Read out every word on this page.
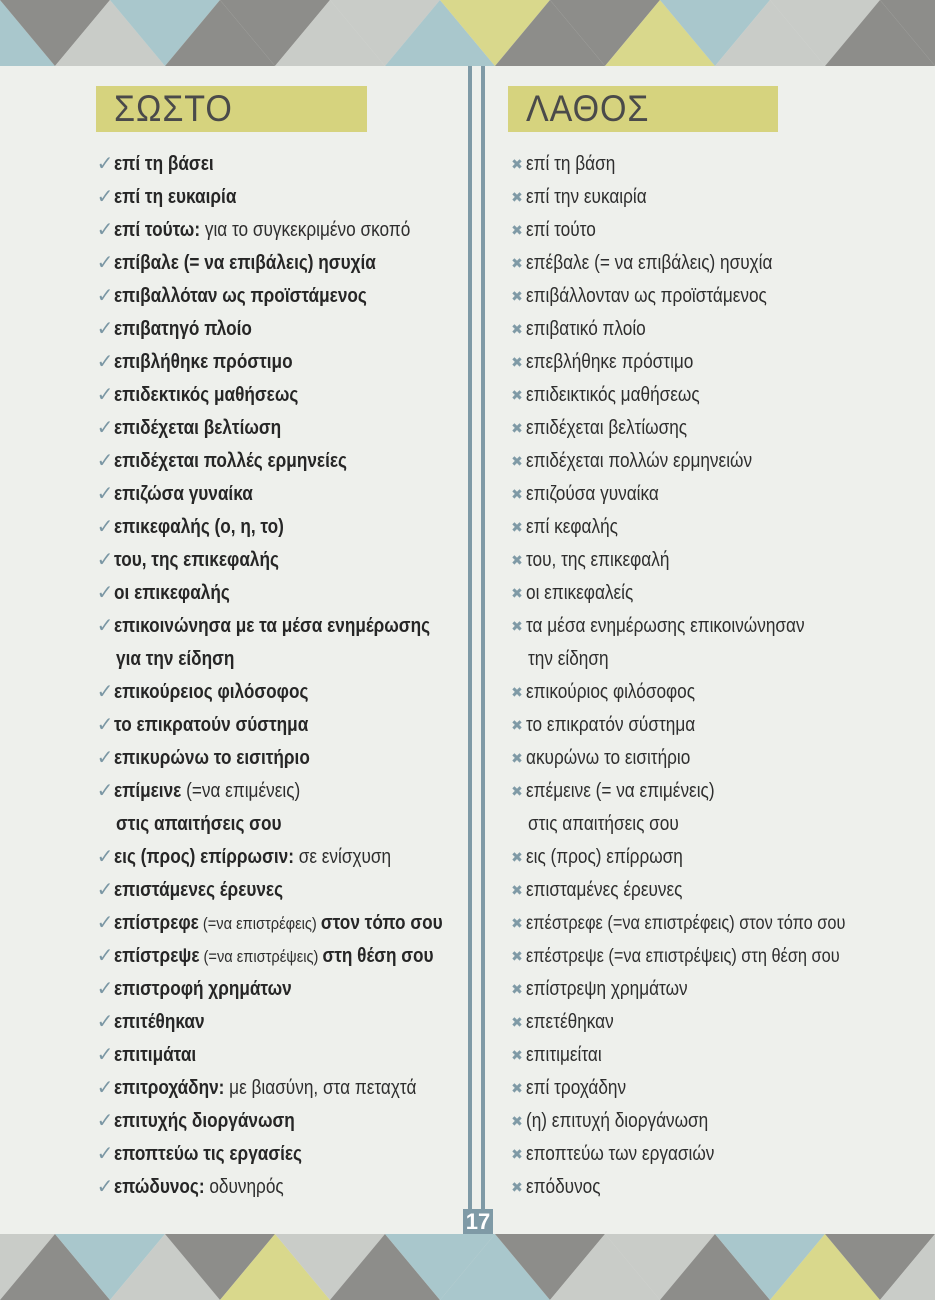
ΣΩΣΤΟ	ΛΑΘΟΣ
✓επί τη βάσει
✓επί τη ευκαιρία
✓επί τούτω: για το συγκεκριμένο σκοπό
✓επίβαλε (= να επιβάλεις) ησυχία
✓επιβαλλόταν ως προϊστάμενος
✓επιβατηγό πλοίο
✓επιβλήθηκε πρόστιμο
✓επιδεκτικός μαθήσεως
✓επιδέχεται βελτίωση
✓επιδέχεται πολλές ερμηνείες
✓επιζώσα γυναίκα
✓επικεφαλής (ο, η, το)
✓του, της επικεφαλής
✓οι επικεφαλής
✓επικοινώνησα με τα μέσα ενημέρωσης
για την είδηση
✓επικούρειος φιλόσοφος
✓το επικρατούν σύστημα
✓επικυρώνω το εισιτήριο
✓επίμεινε (=να επιμένεις)
στις απαιτήσεις σου
✓εις (προς) επίρρωσιν: σε ενίσχυση
✓επιστάμενες έρευνες
✓επίστρεφε (=να επιστρέφεις) στον τόπο σου
✓επίστρεψε (=να επιστρέψεις) στη θέση σου
✓επιστροφή χρημάτων
✓επιτέθηκαν
✓επιτιμάται
✓επιτροχάδην: με βιασύνη, στα πεταχτά
✓επιτυχής διοργάνωση
✓εποπτεύω τις εργασίες
✓επώδυνος: οδυνηρός
✖ επί τη βάση
✖ επί την ευκαιρία
✖ επί τούτο
✖ επέβαλε (= να επιβάλεις) ησυχία
✖ επιβάλλονταν ως προϊστάμενος
✖ επιβατικό πλοίο
✖ επεβλήθηκε πρόστιμο
✖ επιδεικτικός μαθήσεως
✖ επιδέχεται βελτίωσης
✖ επιδέχεται πολλών ερμηνειών
✖ επιζούσα γυναίκα
✖ επί κεφαλής
✖ του, της επικεφαλή
✖ οι επικεφαλείς
✖ τα μέσα ενημέρωσης επικοινώνησαν
την είδηση
✖ επικούριος φιλόσοφος
✖ το επικρατόν σύστημα
✖ ακυρώνω το εισιτήριο
✖ επέμεινε (= να επιμένεις)
στις απαιτήσεις σου
✖ εις (προς) επίρρωση
✖ επισταμένες έρευνες
✖ επέστρεφε (=να επιστρέφεις) στον τόπο σου
✖ επέστρεψε (=να επιστρέψεις) στη θέση σου
✖ επίστρεψη χρημάτων
✖ επετέθηκαν
✖ επιτιμείται
✖ επί τροχάδην
✖ (η) επιτυχή διοργάνωση
✖ εποπτεύω των εργασιών
✖ επόδυνος
17
